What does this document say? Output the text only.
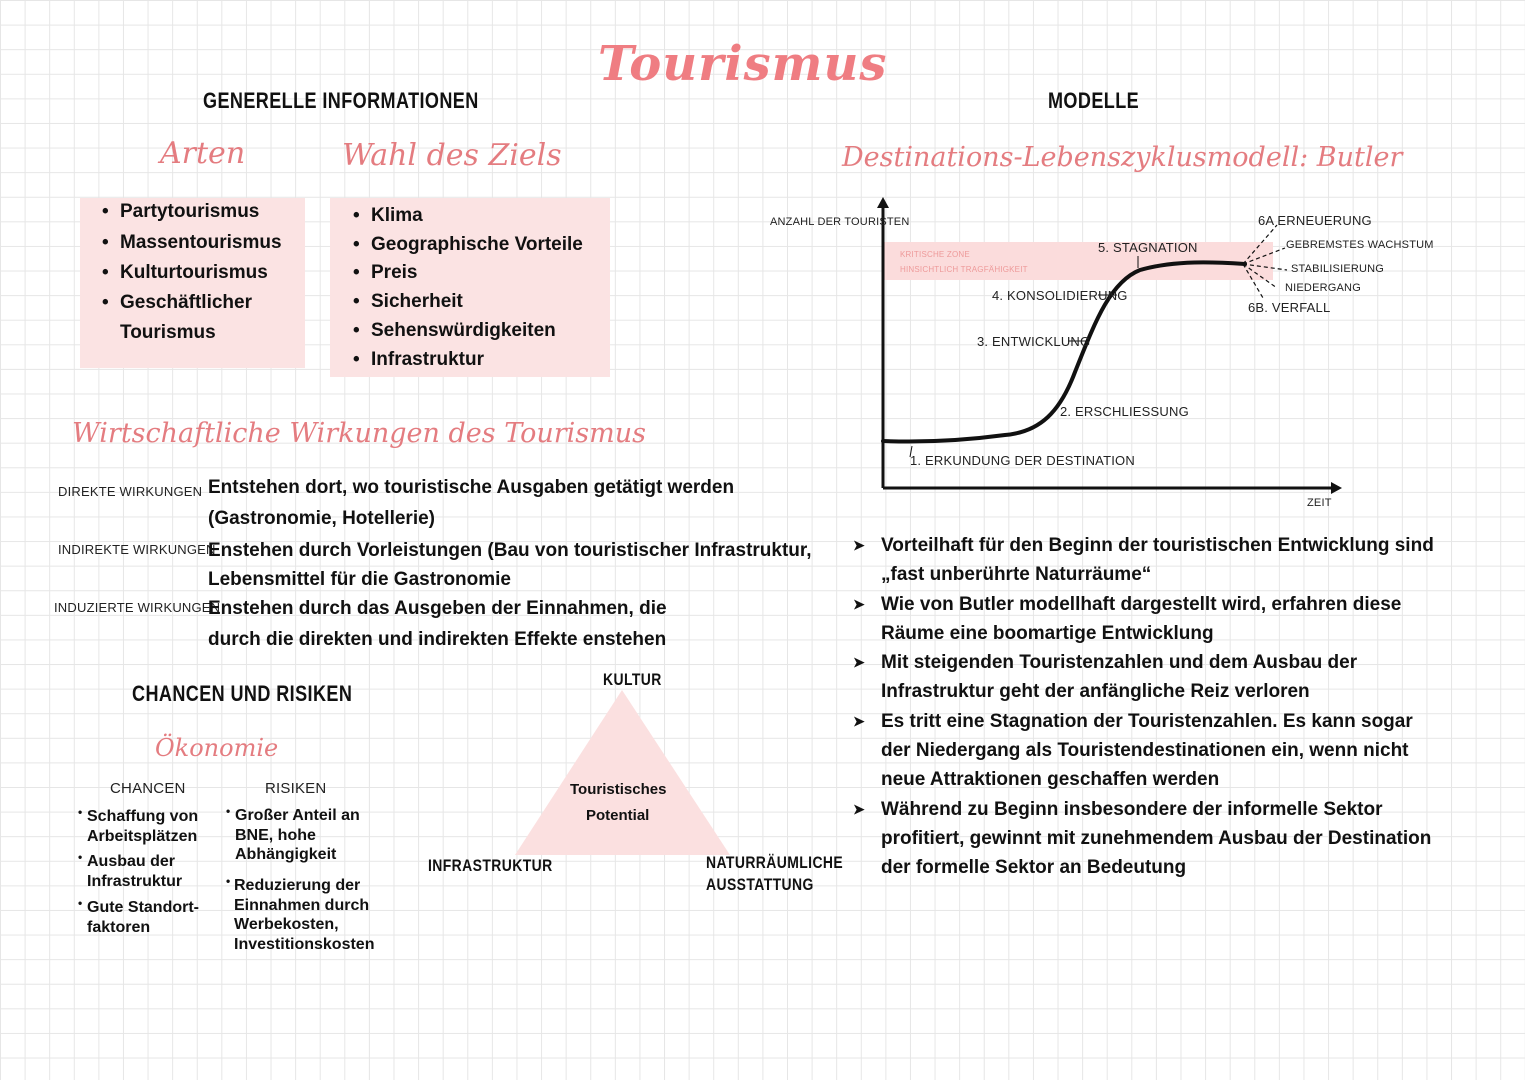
Tourismus
GENERELLE INFORMATIONEN
Arten
• Partytourismus
• Massentourismus
• Kulturtourismus
• Geschäftlicher
Tourismus
Wahl des Ziels
• Klima
• Geographische Vorteile
• Preis
• Sicherheit
• Sehenswürdigkeiten
• Infrastruktur
Wirtschaftliche Wirkungen des Tourismus
DIREKTE WIRKUNGEN Entstehen dort, wo touristische Ausgaben getätigt werden
(Gastronomie, Hotellerie)
INDIREKTE WIRKUNGEN
Enstehen durch Vorleistungen (Bau von touristischer Infrastruktur,
Lebensmittel für die Gastronomie
INDUZIERTE WIRKUNGEN
Enstehen durch das Ausgeben der Einnahmen, die
durch die direkten und indirekten Effekte enstehen
CHANCEN UND RISIKEN
Ökonomie
CHANCEN	RISIKEN
• Schaffung von
Arbeitsplätzen
• Ausbau der
Infrastruktur
• Gute Standort-
faktoren
• Großer Anteil an
BNE, hohe
Abhängigkeit
• Reduzierung der
Einnahmen durch
Werbekosten,
Investitionskosten
KULTUR
Touristisches
Potential
INFRASTRUKTUR	NATURRÄUMLICHE
AUSSTATTUNG
MODELLE
Destinations-Lebenszyklusmodell: Butler
ANZAHL DER TOURISTEN
ZEIT
KRITISCHE ZONE
HINSICHTLICH TRAGFÄHIGKEIT
1. ERKUNDUNG DER DESTINATION
2. ERSCHLIESSUNG
3. ENTWICKLUNG
4. KONSOLIDIERUNG
5. STAGNATION
6A ERNEUERUNG
GEBREMSTES WACHSTUM
STABILISIERUNG
NIEDERGANG
6B. VERFALL
➤ Vorteilhaft für den Beginn der touristischen Entwicklung sind
„fast unberührte Naturräume“
➤ Wie von Butler modellhaft dargestellt wird, erfahren diese
Räume eine boomartige Entwicklung
➤ Mit steigenden Touristenzahlen und dem Ausbau der
Infrastruktur geht der anfängliche Reiz verloren
➤ Es tritt eine Stagnation der Touristenzahlen. Es kann sogar
der Niedergang als Touristendestinationen ein, wenn nicht
neue Attraktionen geschaffen werden
➤ Während zu Beginn insbesondere der informelle Sektor
profitiert, gewinnt mit zunehmendem Ausbau der Destination
der formelle Sektor an Bedeutung
